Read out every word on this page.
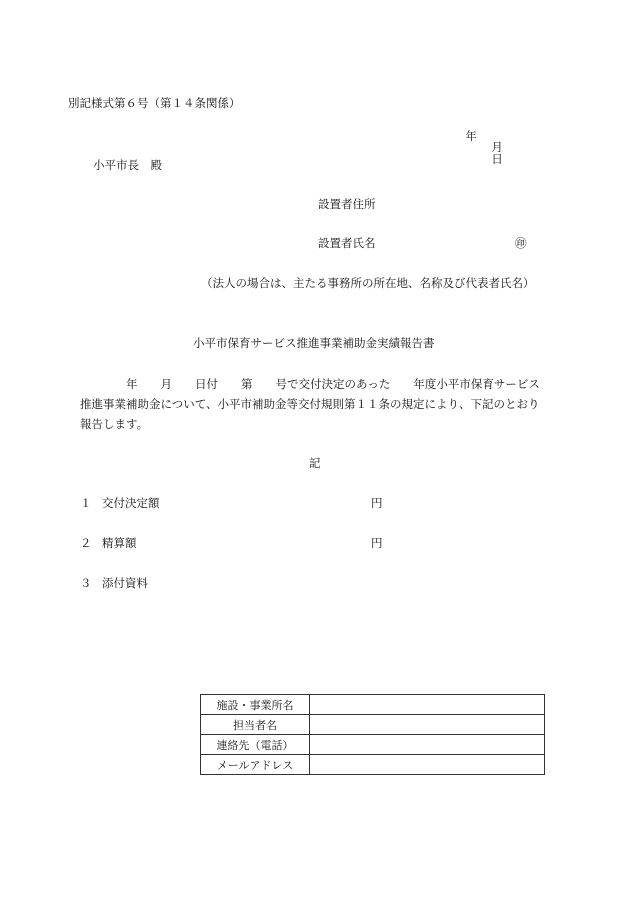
別記様式第６号（第１４条関係）

年
月
日

小平市長　殿
設置者住所
設置者氏名	㊞
（法人の場合は、主たる事務所の所在地、名称及び代表者氏名）
小平市保育サービス推進事業補助金実績報告書
　　　　年　　月　　日付　　第　　号で交付決定のあった　　年度小平市保育サービス
推進事業補助金について、小平市補助金等交付規則第１１条の規定により、下記のとおり
報告します。
記
１ 交付決定額	円
２ 精算額	円
３ 添付資料
施設・事業所名	
担当者名	
連絡先（電話）	
メールアドレス	
